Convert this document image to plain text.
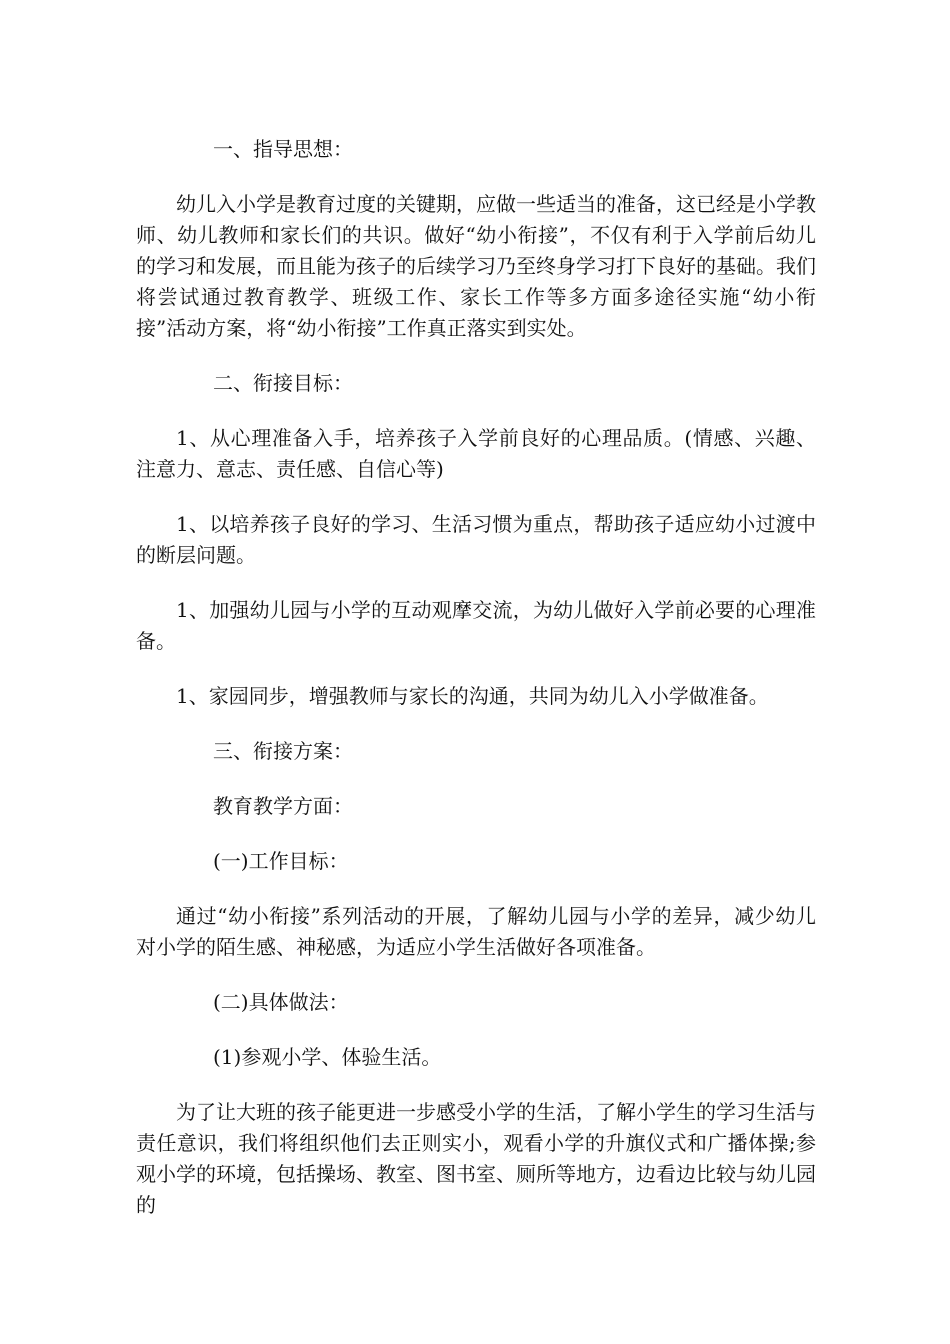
一、指导思想：

幼儿入小学是教育过度的关键期，应做一些适当的准备，这已经是小学教师、幼儿教师和家长们的共识。做好“幼小衔接”，不仅有利于入学前后幼儿的学习和发展，而且能为孩子的后续学习乃至终身学习打下良好的基础。我们将尝试通过教育教学、班级工作、家长工作等多方面多途径实施“幼小衔接”活动方案，将“幼小衔接”工作真正落实到实处。

二、衔接目标：

1、从心理准备入手，培养孩子入学前良好的心理品质。(情感、兴趣、注意力、意志、责任感、自信心等)

1、以培养孩子良好的学习、生活习惯为重点，帮助孩子适应幼小过渡中的断层问题。

1、加强幼儿园与小学的互动观摩交流，为幼儿做好入学前必要的心理准备。

1、家园同步，增强教师与家长的沟通，共同为幼儿入小学做准备。

三、衔接方案：

教育教学方面：

(一)工作目标：

通过“幼小衔接”系列活动的开展，了解幼儿园与小学的差异，减少幼儿对小学的陌生感、神秘感，为适应小学生活做好各项准备。

(二)具体做法：

(1)参观小学、体验生活。

为了让大班的孩子能更进一步感受小学的生活，了解小学生的学习生活与责任意识，我们将组织他们去正则实小，观看小学的升旗仪式和广播体操;参观小学的环境，包括操场、教室、图书室、厕所等地方，边看边比较与幼儿园的
